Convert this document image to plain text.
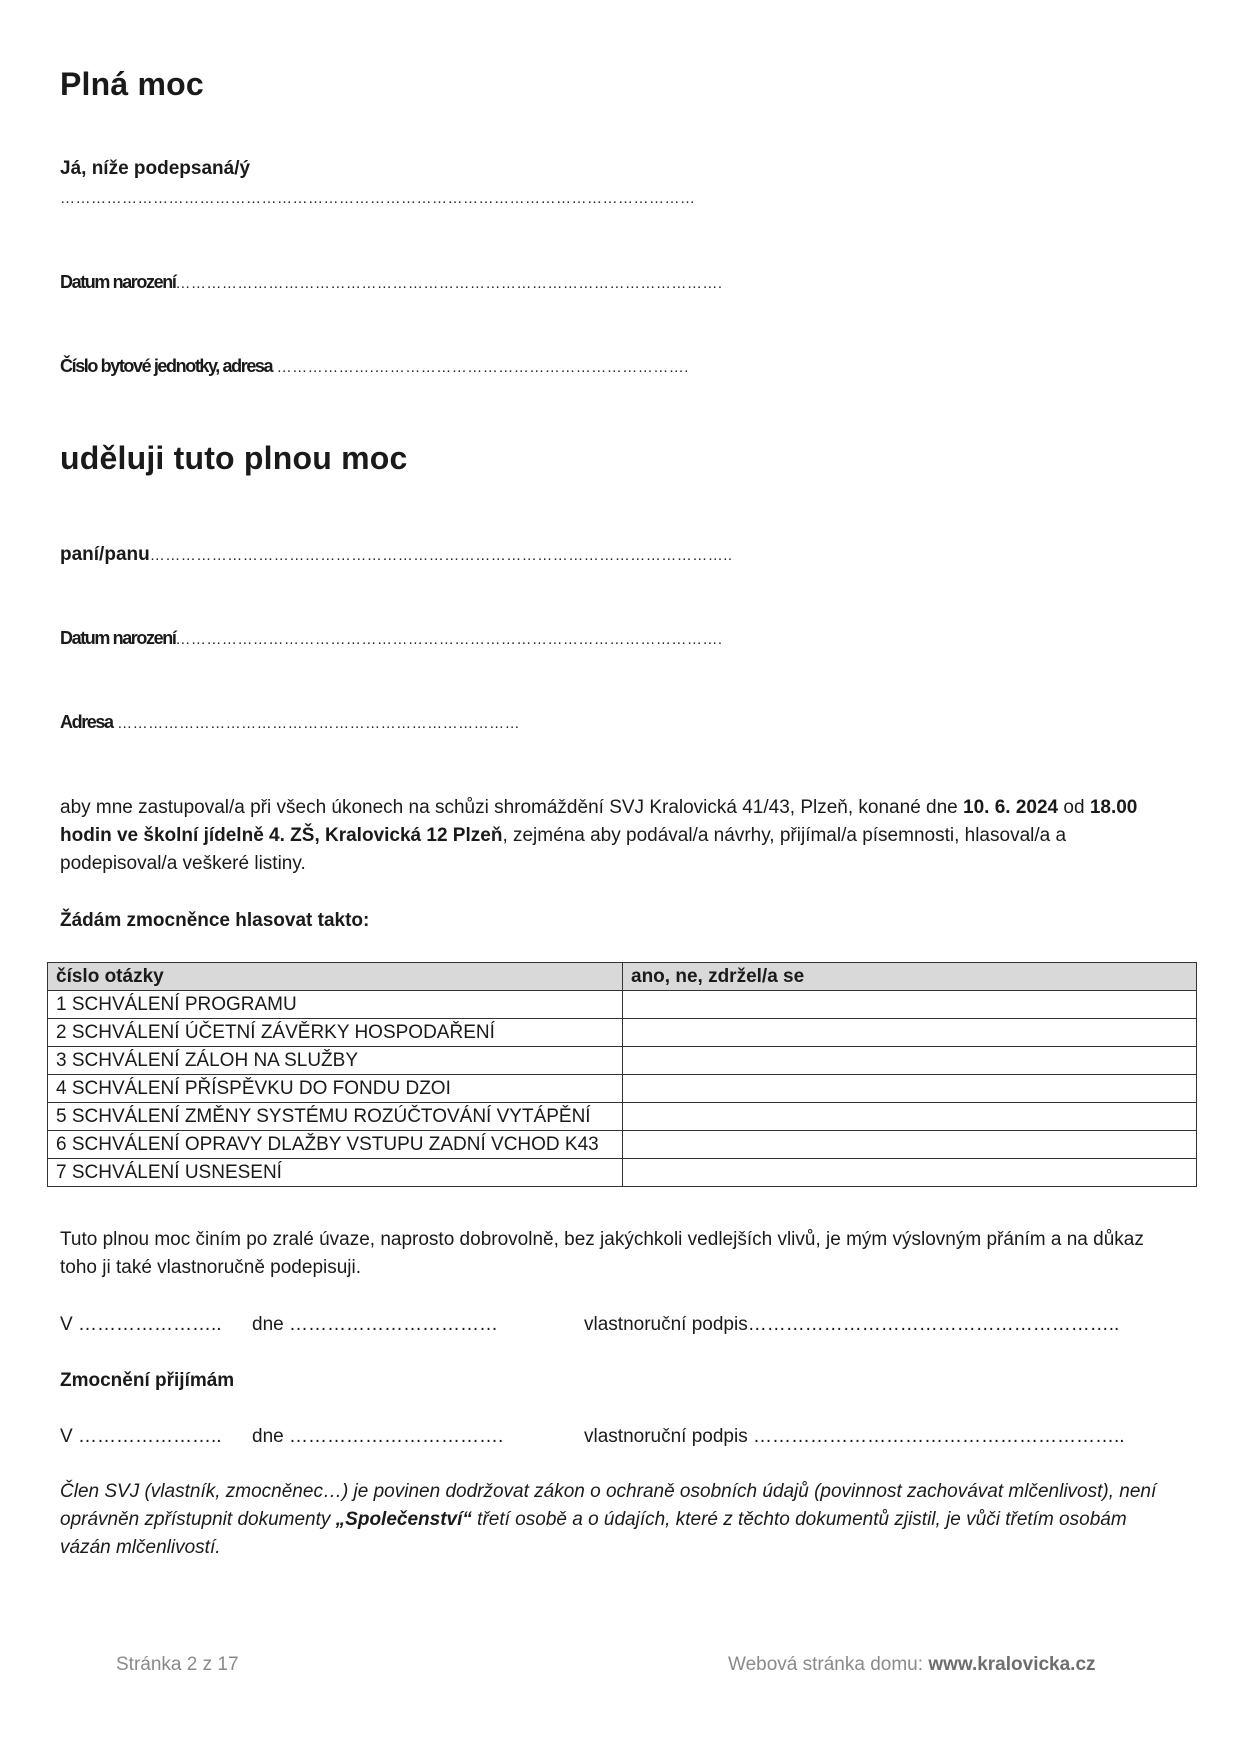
Plná moc
Já, níže podepsaná/ý
……………………………………………………………………………………………………………
Datum narození…………………………………………………………………………………………….
Číslo bytové jednotky, adresa ……………….…………………………………………………….
uděluji tuto plnou moc
paní/panu…………………………………………………………………………………………………..
Datum narození…………………………………………………………………………………………….
Adresa ……………………………………………………………………
aby mne zastupoval/a při všech úkonech na schůzi shromáždění SVJ Kralovická 41/43, Plzeň, konané dne 10. 6. 2024 od 18.00 hodin ve školní jídelně 4. ZŠ, Kralovická 12 Plzeň, zejména aby podával/a návrhy, přijímal/a písemnosti, hlasoval/a a podepisoval/a veškeré listiny.
Žádám zmocněnce hlasovat takto:
číslo otázky	ano, ne, zdržel/a se
1 SCHVÁLENÍ PROGRAMU	
2 SCHVÁLENÍ ÚČETNÍ ZÁVĚRKY HOSPODAŘENÍ	
3 SCHVÁLENÍ ZÁLOH NA SLUŽBY	
4 SCHVÁLENÍ PŘÍSPĚVKU DO FONDU DZOI	
5 SCHVÁLENÍ ZMĚNY SYSTÉMU ROZÚČTOVÁNÍ VYTÁPĚNÍ	
6 SCHVÁLENÍ OPRAVY DLAŽBY VSTUPU ZADNÍ VCHOD K43	
7 SCHVÁLENÍ USNESENÍ	
Tuto plnou moc činím po zralé úvaze, naprosto dobrovolně, bez jakýchkoli vedlejších vlivů, je mým výslovným přáním a na důkaz toho ji také vlastnoručně podepisuji.
V ………………….. dne ……………………………	vlastnoruční podpis…………………………………………………..
Zmocnění přijímám
V ………………….. dne …………………………….	vlastnoruční podpis …………………………………………………..
Člen SVJ (vlastník, zmocněnec…) je povinen dodržovat zákon o ochraně osobních údajů (povinnost zachovávat mlčenlivost), není oprávněn zpřístupnit dokumenty „Společenství“ třetí osobě a o údajích, které z těchto dokumentů zjistil, je vůči třetím osobám vázán mlčenlivostí.
Stránka 2 z 17	Webová stránka domu: www.kralovicka.cz
